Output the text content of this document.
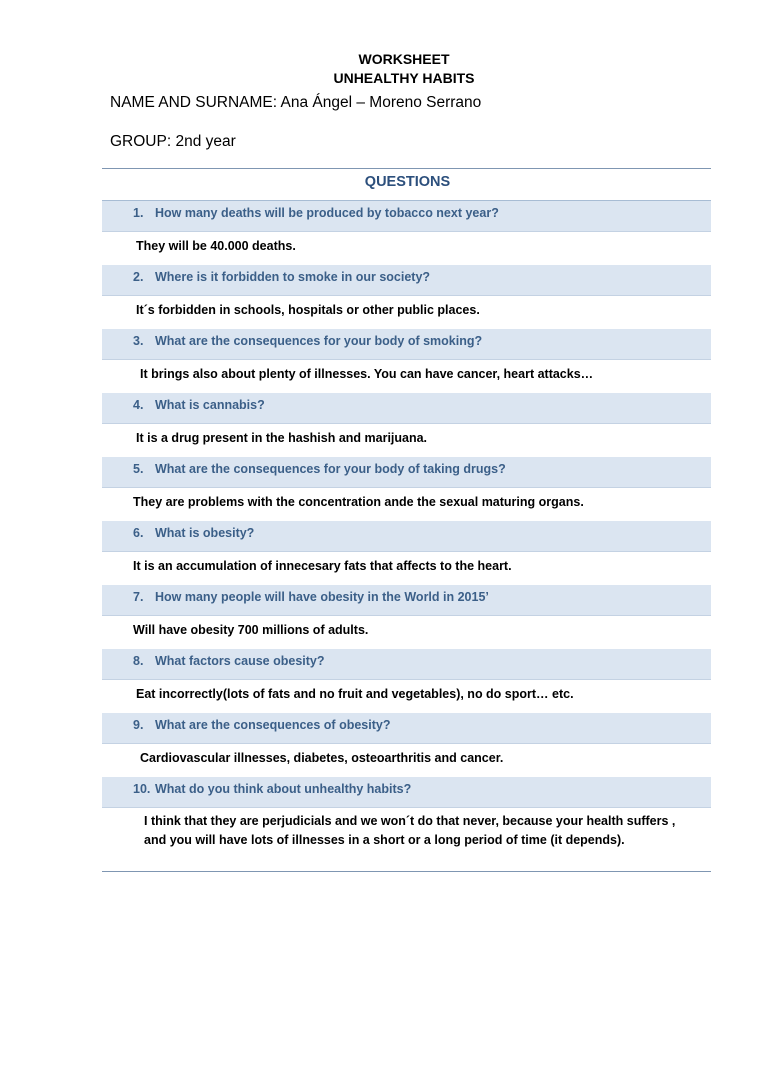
WORKSHEET
UNHEALTHY HABITS
NAME AND SURNAME: Ana Ángel – Moreno Serrano
GROUP: 2nd year
QUESTIONS
1. How many deaths will be produced by tobacco next year?
They will be 40.000 deaths.
2. Where is it forbidden to smoke in our society?
It´s forbidden in schools, hospitals or other public places.
3. What are the consequences for your body of smoking?
It brings also about plenty of illnesses. You can have cancer, heart attacks…
4. What is cannabis?
It is a drug present in the hashish and marijuana.
5. What are the consequences for your body of taking drugs?
They are problems with the concentration ande the sexual maturing organs.
6. What is obesity?
It is an accumulation of innecesary fats that affects to the heart.
7. How many people will have obesity in the World in 2015’
Will have obesity 700 millions of adults.
8. What factors cause obesity?
Eat incorrectly(lots of fats and no fruit and vegetables), no do sport… etc.
9. What are the consequences of obesity?
Cardiovascular illnesses, diabetes, osteoarthritis and cancer.
10. What do you think about unhealthy habits?
I think that they are perjudicials and we won´t do that never, because your health suffers , and you will have lots of illnesses in a short or a long period of time (it depends).
